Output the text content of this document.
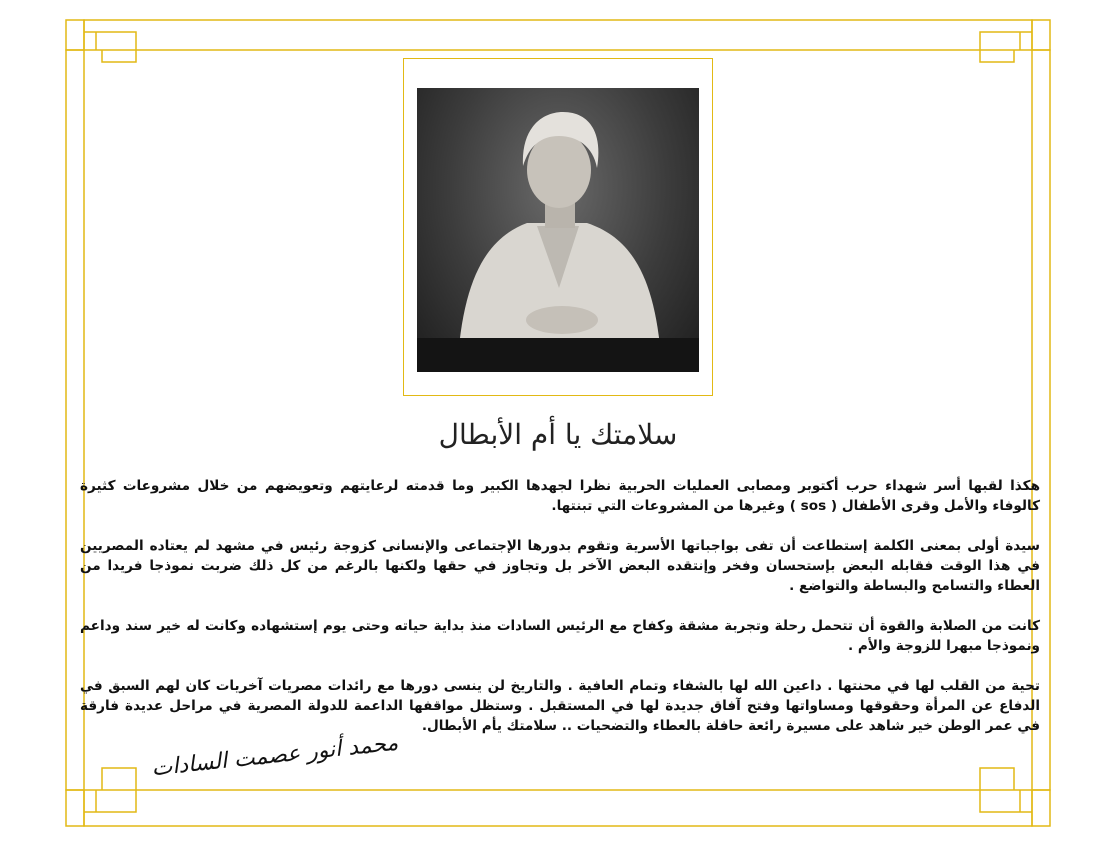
سلامتك يا أم الأبطال

هكذا لقبها أسر شهداء حرب أكتوبر ومصابى العمليات الحربية نظرا لجهدها الكبير وما قدمته لرعايتهم وتعويضهم من خلال مشروعات كثيرة كالوفاء والأمل وقرى الأطفال ( sos ) وغيرها من المشروعات التي تبنتها.

سيدة أولى بمعنى الكلمة إستطاعت أن تفى بواجباتها الأسرية وتقوم بدورها الإجتماعى والإنسانى كزوجة رئيس في مشهد لم يعتاده المصريين في هذا الوقت فقابله البعض بإستحسان وفخر وإنتقده البعض الآخر بل وتجاوز في حقها ولكنها بالرغم من كل ذلك ضربت نموذجا فريدا من العطاء والتسامح والبساطة والتواضع .

كانت من الصلابة والقوة أن تتحمل رحلة وتجربة مشقة وكفاح مع الرئيس السادات منذ بداية حياته وحتى يوم إستشهاده وكانت له خير سند وداعم ونموذجا مبهرا للزوجة والأم .

تحية من القلب لها في محنتها . داعين الله لها بالشفاء وتمام العافية . والتاريخ لن ينسى دورها مع رائدات مصريات آخريات كان لهم السبق في الدفاع عن المرأة وحقوقها ومساواتها وفتح آفاق جديدة لها في المستقبل . وستظل مواقفها الداعمة للدولة المصرية في مراحل عديدة فارقة في عمر الوطن خير شاهد على مسيرة رائعة حافلة بالعطاء والتضحيات .. سلامتك يأم الأبطال.

محمد أنور عصمت السادات
